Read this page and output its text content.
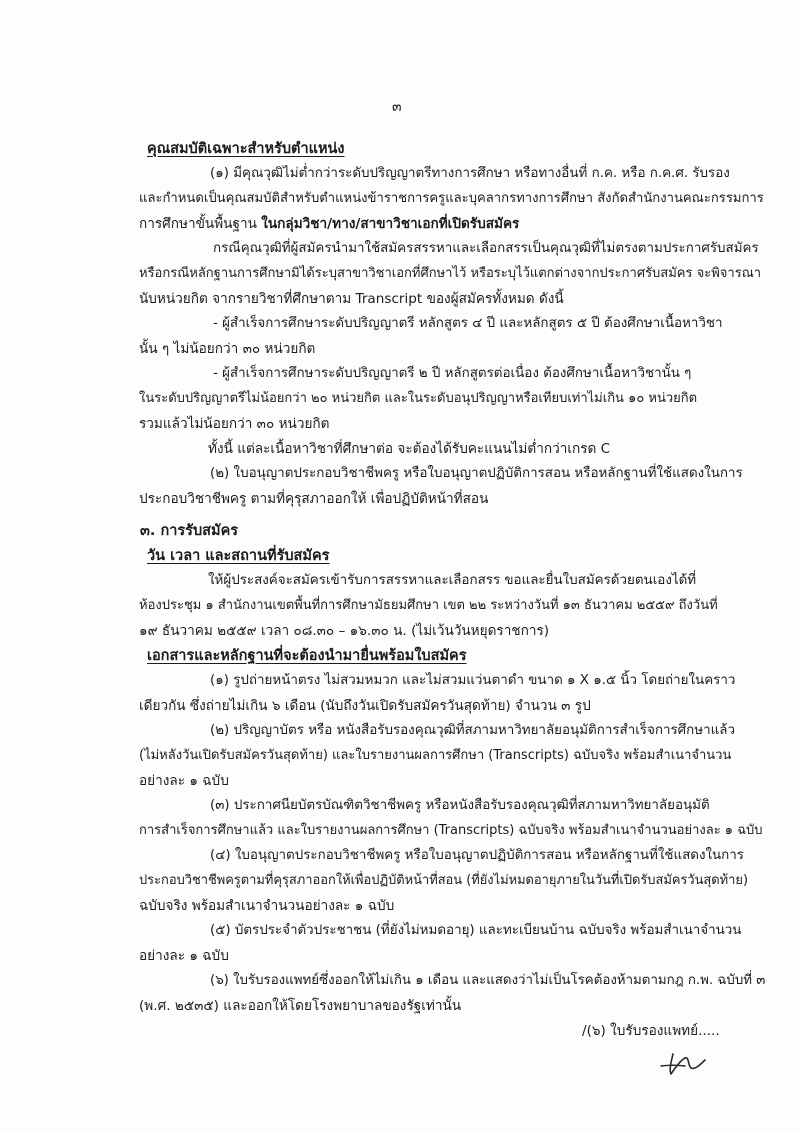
๓
คุณสมบัติเฉพาะสำหรับตำแหน่ง
(๑) มีคุณวุฒิไม่ต่ำกว่าระดับปริญญาตรีทางการศึกษา หรือทางอื่นที่ ก.ค. หรือ ก.ค.ศ. รับรอง
และกำหนดเป็นคุณสมบัติสำหรับตำแหน่งข้าราชการครูและบุคลากรทางการศึกษา สังกัดสำนักงานคณะกรรมการ
การศึกษาขั้นพื้นฐาน ในกลุ่มวิชา/ทาง/สาขาวิชาเอกที่เปิดรับสมัคร
กรณีคุณวุฒิที่ผู้สมัครนำมาใช้สมัครสรรหาและเลือกสรรเป็นคุณวุฒิที่ไม่ตรงตามประกาศรับสมัคร
หรือกรณีหลักฐานการศึกษามิได้ระบุสาขาวิชาเอกที่ศึกษาไว้ หรือระบุไว้แตกต่างจากประกาศรับสมัคร จะพิจารณา
นับหน่วยกิต จากรายวิชาที่ศึกษาตาม Transcript ของผู้สมัครทั้งหมด ดังนี้
- ผู้สำเร็จการศึกษาระดับปริญญาตรี หลักสูตร ๔ ปี และหลักสูตร ๕ ปี ต้องศึกษาเนื้อหาวิชา
นั้น ๆ ไม่น้อยกว่า ๓๐ หน่วยกิต
- ผู้สำเร็จการศึกษาระดับปริญญาตรี ๒ ปี หลักสูตรต่อเนื่อง ต้องศึกษาเนื้อหาวิชานั้น ๆ
ในระดับปริญญาตรีไม่น้อยกว่า ๒๐ หน่วยกิต และในระดับอนุปริญญาหรือเทียบเท่าไม่เกิน ๑๐ หน่วยกิต
รวมแล้วไม่น้อยกว่า ๓๐ หน่วยกิต
ทั้งนี้ แต่ละเนื้อหาวิชาที่ศึกษาต่อ จะต้องได้รับคะแนนไม่ต่ำกว่าเกรด C
(๒) ใบอนุญาตประกอบวิชาชีพครู หรือใบอนุญาตปฏิบัติการสอน หรือหลักฐานที่ใช้แสดงในการ
ประกอบวิชาชีพครู ตามที่คุรุสภาออกให้ เพื่อปฏิบัติหน้าที่สอน
๓. การรับสมัคร
วัน เวลา และสถานที่รับสมัคร
ให้ผู้ประสงค์จะสมัครเข้ารับการสรรหาและเลือกสรร ขอและยื่นใบสมัครด้วยตนเองได้ที่
ห้องประชุม ๑ สำนักงานเขตพื้นที่การศึกษามัธยมศึกษา เขต ๒๒ ระหว่างวันที่ ๑๓ ธันวาคม ๒๕๕๙ ถึงวันที่
๑๙ ธันวาคม ๒๕๕๙ เวลา ๐๘.๓๐ – ๑๖.๓๐ น. (ไม่เว้นวันหยุดราชการ)
เอกสารและหลักฐานที่จะต้องนำมายื่นพร้อมใบสมัคร
(๑) รูปถ่ายหน้าตรง ไม่สวมหมวก และไม่สวมแว่นตาดำ ขนาด ๑ X ๑.๕ นิ้ว โดยถ่ายในคราว
เดียวกัน ซึ่งถ่ายไม่เกิน ๖ เดือน (นับถึงวันเปิดรับสมัครวันสุดท้าย) จำนวน ๓ รูป
(๒) ปริญญาบัตร หรือ หนังสือรับรองคุณวุฒิที่สภามหาวิทยาลัยอนุมัติการสำเร็จการศึกษาแล้ว
(ไม่หลังวันเปิดรับสมัครวันสุดท้าย) และใบรายงานผลการศึกษา (Transcripts) ฉบับจริง พร้อมสำเนาจำนวน
อย่างละ ๑ ฉบับ
(๓) ประกาศนียบัตรบัณฑิตวิชาชีพครู หรือหนังสือรับรองคุณวุฒิที่สภามหาวิทยาลัยอนุมัติ
การสำเร็จการศึกษาแล้ว และใบรายงานผลการศึกษา (Transcripts) ฉบับจริง พร้อมสำเนาจำนวนอย่างละ ๑ ฉบับ
(๔) ใบอนุญาตประกอบวิชาชีพครู หรือใบอนุญาตปฏิบัติการสอน หรือหลักฐานที่ใช้แสดงในการ
ประกอบวิชาชีพครูตามที่คุรุสภาออกให้เพื่อปฏิบัติหน้าที่สอน (ที่ยังไม่หมดอายุภายในวันที่เปิดรับสมัครวันสุดท้าย)
ฉบับจริง พร้อมสำเนาจำนวนอย่างละ ๑ ฉบับ
(๕) บัตรประจำตัวประชาชน (ที่ยังไม่หมดอายุ) และทะเบียนบ้าน ฉบับจริง พร้อมสำเนาจำนวน
อย่างละ ๑ ฉบับ
(๖) ใบรับรองแพทย์ซึ่งออกให้ไม่เกิน ๑ เดือน และแสดงว่าไม่เป็นโรคต้องห้ามตามกฎ ก.พ. ฉบับที่ ๓
(พ.ศ. ๒๕๓๕) และออกให้โดยโรงพยาบาลของรัฐเท่านั้น
/(๖) ใบรับรองแพทย์.....
